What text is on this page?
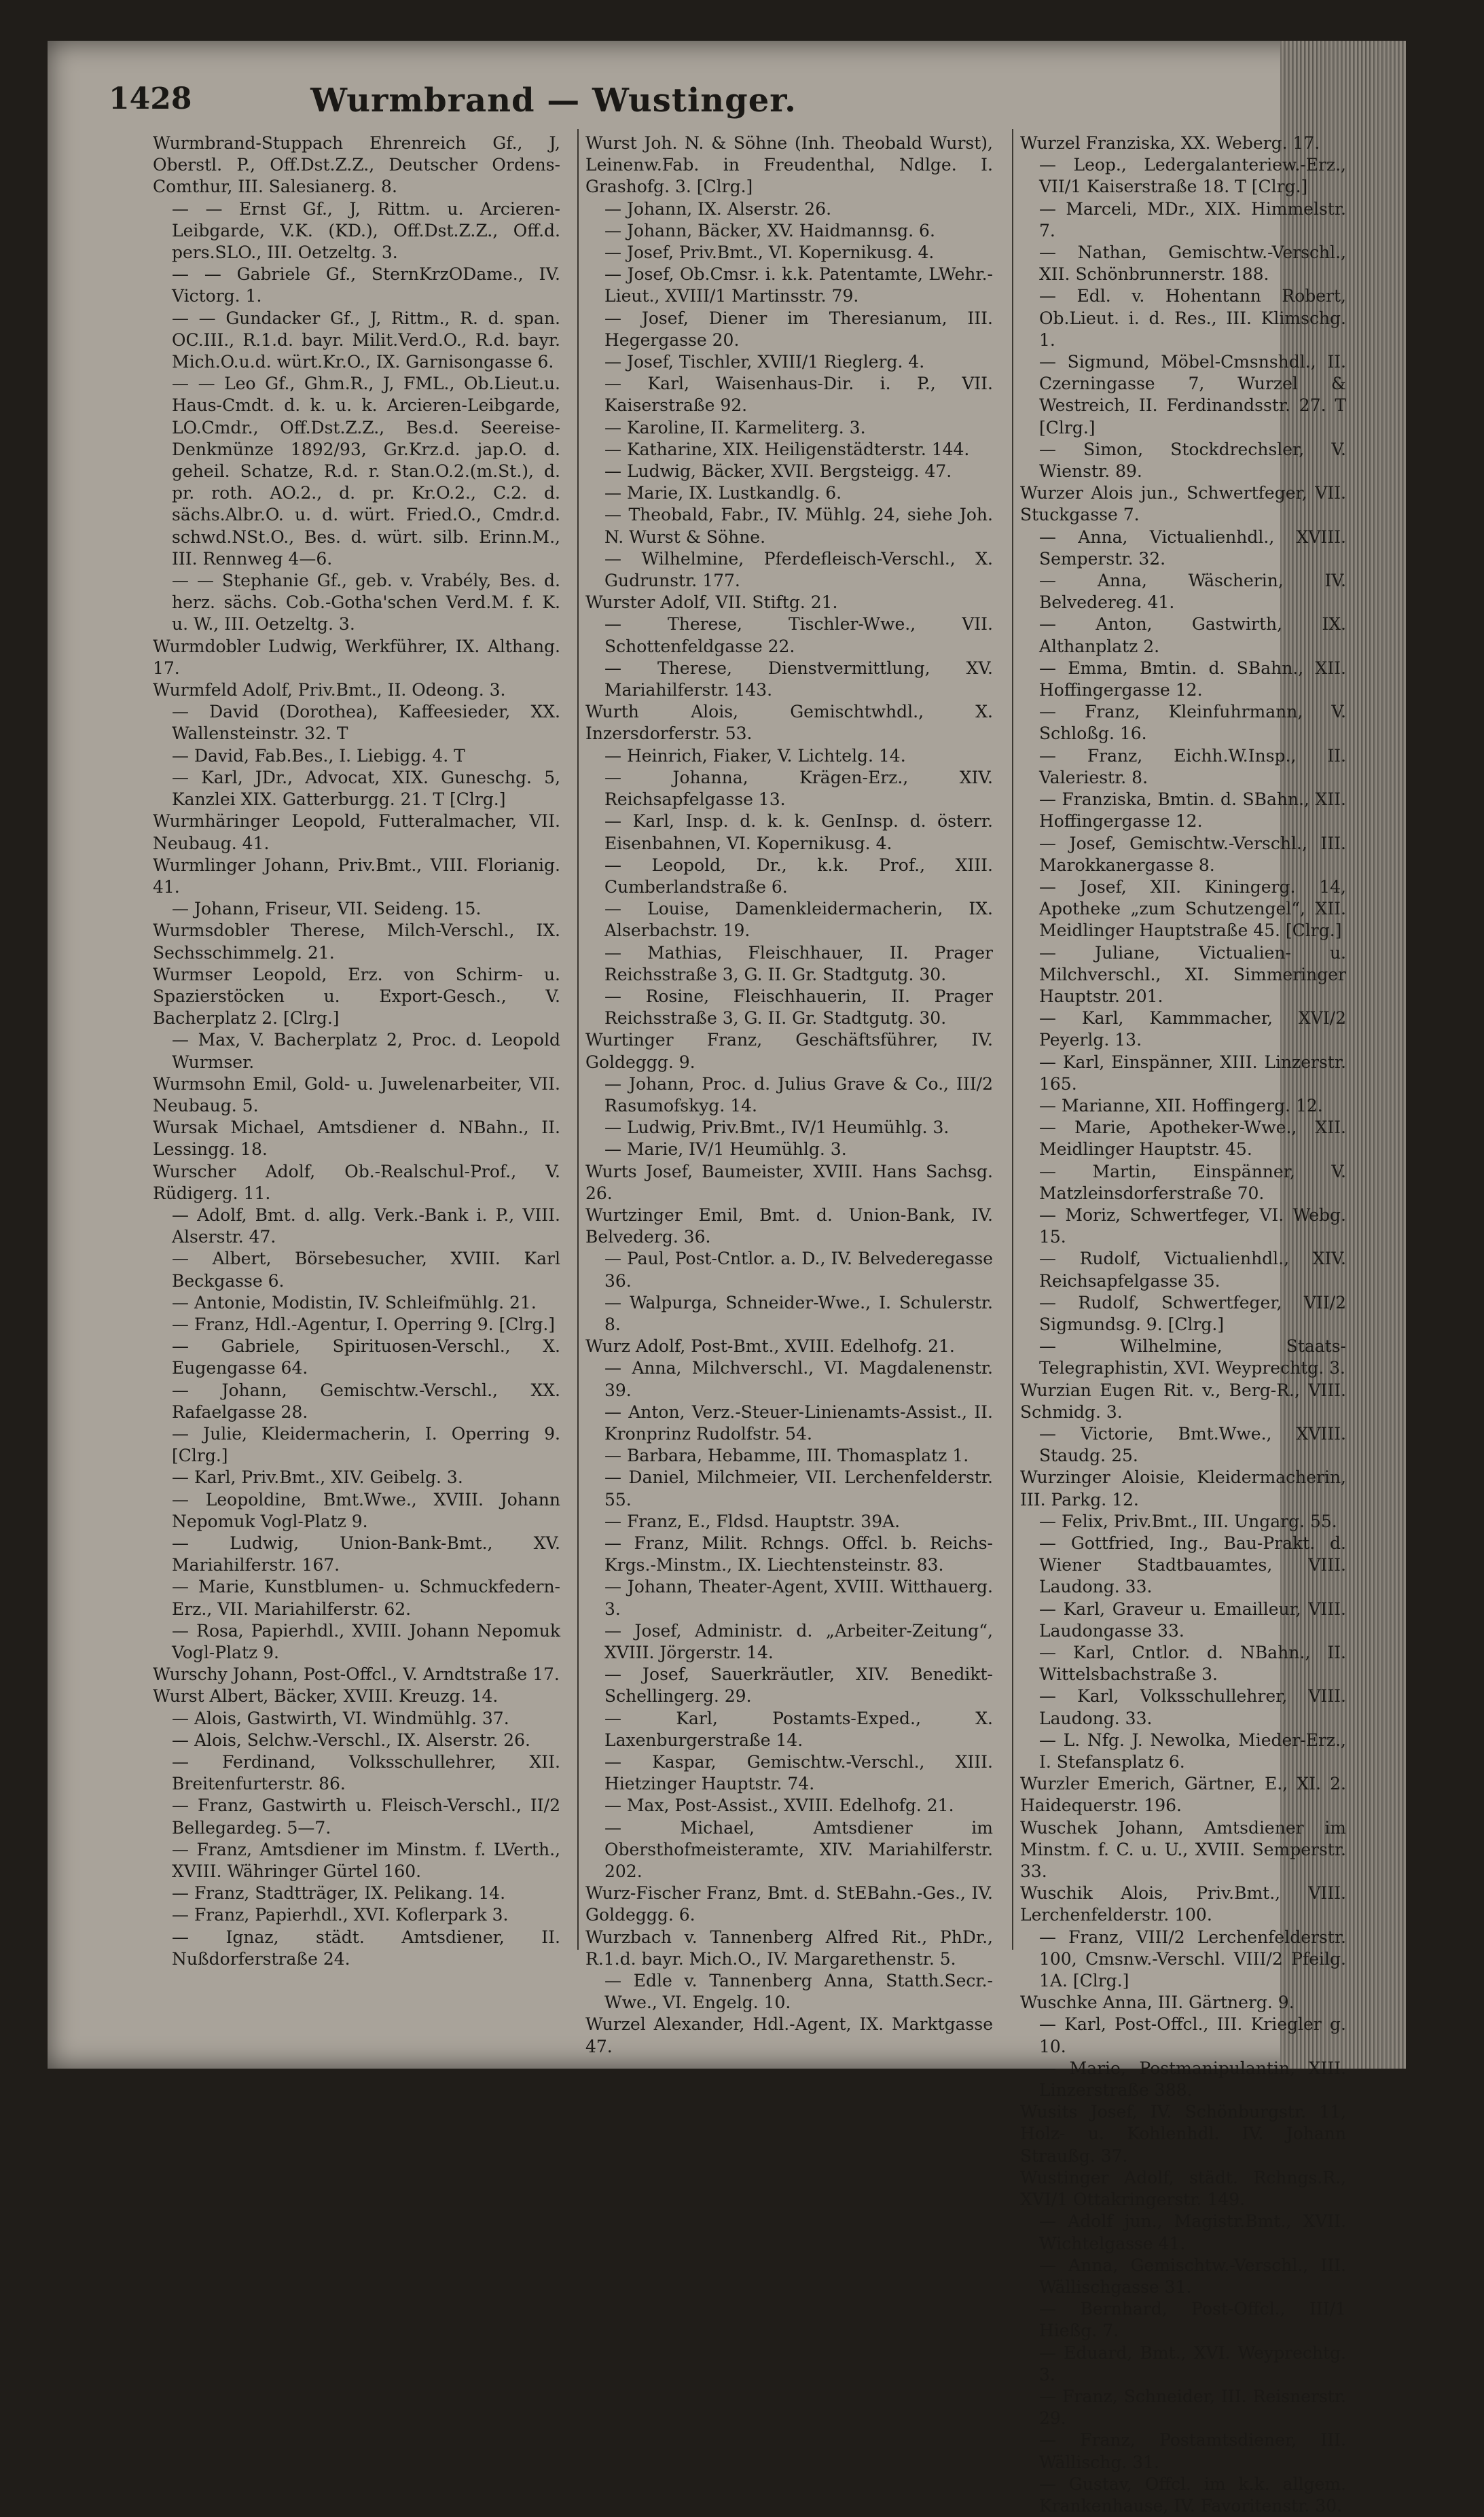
1428	Wurmbrand — Wustinger.

Wurmbrand-Stuppach Ehrenreich Gf., J, Oberstl. P., Off.Dst.Z.Z., Deutscher Ordens-Comthur, III. Salesianerg. 8.

— — Ernst Gf., J, Rittm. u. Arcieren-Leibgarde, V.K. (KD.), Off.Dst.Z.Z., Off.d. pers.SLO., III. Oetzeltg. 3.

— — Gabriele Gf., SternKrzODame., IV. Victorg. 1.

— — Gundacker Gf., J, Rittm., R. d. span. OC.III., R.1.d. bayr. Milit.Verd.O., R.d. bayr. Mich.O.u.d. würt.Kr.O., IX. Garnisongasse 6.

— — Leo Gf., Ghm.R., J, FML., Ob.Lieut.u. Haus-Cmdt. d. k. u. k. Arcieren-Leibgarde, LO.Cmdr., Off.Dst.Z.Z., Bes.d. Seereise-Denkmünze 1892/93, Gr.Krz.d. jap.O. d. geheil. Schatze, R.d. r. Stan.O.2.(m.St.), d. pr. roth. AO.2., d. pr. Kr.O.2., C.2. d. sächs.Albr.O. u. d. würt. Fried.O., Cmdr.d. schwd.NSt.O., Bes. d. würt. silb. Erinn.M., III. Rennweg 4—6.

— — Stephanie Gf., geb. v. Vrabély, Bes. d. herz. sächs. Cob.-Gotha'schen Verd.M. f. K. u. W., III. Oetzeltg. 3.

Wurmdobler Ludwig, Werkführer, IX. Althang. 17.

Wurmfeld Adolf, Priv.Bmt., II. Odeong. 3.

— David (Dorothea), Kaffeesieder, XX. Wallensteinstr. 32. T

— David, Fab.Bes., I. Liebigg. 4. T

— Karl, JDr., Advocat, XIX. Guneschg. 5, Kanzlei XIX. Gatterburgg. 21. T [Clrg.]

Wurmhäringer Leopold, Futteralmacher, VII. Neubaug. 41.

Wurmlinger Johann, Priv.Bmt., VIII. Florianig. 41.

— Johann, Friseur, VII. Seideng. 15.

Wurmsdobler Therese, Milch-Verschl., IX. Sechsschimmelg. 21.

Wurmser Leopold, Erz. von Schirm- u. Spazierstöcken u. Export-Gesch., V. Bacherplatz 2. [Clrg.]

— Max, V. Bacherplatz 2, Proc. d. Leopold Wurmser.

Wurmsohn Emil, Gold- u. Juwelenarbeiter, VII. Neubaug. 5.

Wursak Michael, Amtsdiener d. NBahn., II. Lessingg. 18.

Wurscher Adolf, Ob.-Realschul-Prof., V. Rüdigerg. 11.

— Adolf, Bmt. d. allg. Verk.-Bank i. P., VIII. Alserstr. 47.

— Albert, Börsebesucher, XVIII. Karl Beckgasse 6.

— Antonie, Modistin, IV. Schleifmühlg. 21.

— Franz, Hdl.-Agentur, I. Operring 9. [Clrg.]

— Gabriele, Spirituosen-Verschl., X. Eugengasse 64.

— Johann, Gemischtw.-Verschl., XX. Rafaelgasse 28.

— Julie, Kleidermacherin, I. Operring 9. [Clrg.]

— Karl, Priv.Bmt., XIV. Geibelg. 3.

— Leopoldine, Bmt.Wwe., XVIII. Johann Nepomuk Vogl-Platz 9.

— Ludwig, Union-Bank-Bmt., XV. Mariahilferstr. 167.

— Marie, Kunstblumen- u. Schmuckfedern-Erz., VII. Mariahilferstr. 62.

— Rosa, Papierhdl., XVIII. Johann Nepomuk Vogl-Platz 9.

Wurschy Johann, Post-Offcl., V. Arndtstraße 17.

Wurst Albert, Bäcker, XVIII. Kreuzg. 14.

— Alois, Gastwirth, VI. Windmühlg. 37.

— Alois, Selchw.-Verschl., IX. Alserstr. 26.

— Ferdinand, Volksschullehrer, XII. Breitenfurterstr. 86.

— Franz, Gastwirth u. Fleisch-Verschl., II/2 Bellegardeg. 5—7.

— Franz, Amtsdiener im Minstm. f. LVerth., XVIII. Währinger Gürtel 160.

— Franz, Stadtträger, IX. Pelikang. 14.

— Franz, Papierhdl., XVI. Koflerpark 3.

— Ignaz, städt. Amtsdiener, II. Nußdorferstraße 24.

Wurst Joh. N. & Söhne (Inh. Theobald Wurst), Leinenw.Fab. in Freudenthal, Ndlge. I. Grashofg. 3. [Clrg.]

— Johann, IX. Alserstr. 26.

— Johann, Bäcker, XV. Haidmannsg. 6.

— Josef, Priv.Bmt., VI. Kopernikusg. 4.

— Josef, Ob.Cmsr. i. k.k. Patentamte, LWehr.-Lieut., XVIII/1 Martinsstr. 79.

— Josef, Diener im Theresianum, III. Hegergasse 20.

— Josef, Tischler, XVIII/1 Rieglerg. 4.

— Karl, Waisenhaus-Dir. i. P., VII. Kaiserstraße 92.

— Karoline, II. Karmeliterg. 3.

— Katharine, XIX. Heiligenstädterstr. 144.

— Ludwig, Bäcker, XVII. Bergsteigg. 47.

— Marie, IX. Lustkandlg. 6.

— Theobald, Fabr., IV. Mühlg. 24, siehe Joh. N. Wurst & Söhne.

— Wilhelmine, Pferdefleisch-Verschl., X. Gudrunstr. 177.

Wurster Adolf, VII. Stiftg. 21.

— Therese, Tischler-Wwe., VII. Schottenfeldgasse 22.

— Therese, Dienstvermittlung, XV. Mariahilferstr. 143.

Wurth Alois, Gemischtwhdl., X. Inzersdorferstr. 53.

— Heinrich, Fiaker, V. Lichtelg. 14.

— Johanna, Krägen-Erz., XIV. Reichsapfelgasse 13.

— Karl, Insp. d. k. k. GenInsp. d. österr. Eisenbahnen, VI. Kopernikusg. 4.

— Leopold, Dr., k.k. Prof., XIII. Cumberlandstraße 6.

— Louise, Damenkleidermacherin, IX. Alserbachstr. 19.

— Mathias, Fleischhauer, II. Prager Reichsstraße 3, G. II. Gr. Stadtgutg. 30.

— Rosine, Fleischhauerin, II. Prager Reichsstraße 3, G. II. Gr. Stadtgutg. 30.

Wurtinger Franz, Geschäftsführer, IV. Goldeggg. 9.

— Johann, Proc. d. Julius Grave & Co., III/2 Rasumofskyg. 14.

— Ludwig, Priv.Bmt., IV/1 Heumühlg. 3.

— Marie, IV/1 Heumühlg. 3.

Wurts Josef, Baumeister, XVIII. Hans Sachsg. 26.

Wurtzinger Emil, Bmt. d. Union-Bank, IV. Belvederg. 36.

— Paul, Post-Cntlor. a. D., IV. Belvederegasse 36.

— Walpurga, Schneider-Wwe., I. Schulerstr. 8.

Wurz Adolf, Post-Bmt., XVIII. Edelhofg. 21.

— Anna, Milchverschl., VI. Magdalenenstr. 39.

— Anton, Verz.-Steuer-Linienamts-Assist., II. Kronprinz Rudolfstr. 54.

— Barbara, Hebamme, III. Thomasplatz 1.

— Daniel, Milchmeier, VII. Lerchenfelderstr. 55.

— Franz, E., Fldsd. Hauptstr. 39A.

— Franz, Milit. Rchngs. Offcl. b. Reichs-Krgs.-Minstm., IX. Liechtensteinstr. 83.

— Johann, Theater-Agent, XVIII. Witthauerg. 3.

— Josef, Administr. d. „Arbeiter-Zeitung“, XVIII. Jörgerstr. 14.

— Josef, Sauerkräutler, XIV. Benedikt-Schellingerg. 29.

— Karl, Postamts-Exped., X. Laxenburgerstraße 14.

— Kaspar, Gemischtw.-Verschl., XIII. Hietzinger Hauptstr. 74.

— Max, Post-Assist., XVIII. Edelhofg. 21.

— Michael, Amtsdiener im Obersthofmeisteramte, XIV. Mariahilferstr. 202.

Wurz-Fischer Franz, Bmt. d. StEBahn.-Ges., IV. Goldeggg. 6.

Wurzbach v. Tannenberg Alfred Rit., PhDr., R.1.d. bayr. Mich.O., IV. Margarethenstr. 5.

— Edle v. Tannenberg Anna, Statth.Secr.-Wwe., VI. Engelg. 10.

Wurzel Alexander, Hdl.-Agent, IX. Marktgasse 47.

Wurzel Franziska, XX. Weberg. 17.

— Leop., Ledergalanteriew.-Erz., VII/1 Kaiserstraße 18. T [Clrg.]

— Marceli, MDr., XIX. Himmelstr. 7.

— Nathan, Gemischtw.-Verschl., XII. Schönbrunnerstr. 188.

— Edl. v. Hohentann Robert, Ob.Lieut. i. d. Res., III. Klimschg. 1.

— Sigmund, Möbel-Cmsnshdl., II. Czerningasse 7, Wurzel & Westreich, II. Ferdinandsstr. 27. T [Clrg.]

— Simon, Stockdrechsler, V. Wienstr. 89.

Wurzer Alois jun., Schwertfeger, VII. Stuckgasse 7.

— Anna, Victualienhdl., XVIII. Semperstr. 32.

— Anna, Wäscherin, IV. Belvedereg. 41.

— Anton, Gastwirth, IX. Althanplatz 2.

— Emma, Bmtin. d. SBahn., XII. Hoffingergasse 12.

— Franz, Kleinfuhrmann, V. Schloßg. 16.

— Franz, Eichh.W.Insp., II. Valeriestr. 8.

— Franziska, Bmtin. d. SBahn., XII. Hoffingergasse 12.

— Josef, Gemischtw.-Verschl., III. Marokkanergasse 8.

— Josef, XII. Kiningerg. 14, Apotheke „zum Schutzengel“, XII. Meidlinger Hauptstraße 45. [Clrg.]

— Juliane, Victualien- u. Milchverschl., XI. Simmeringer Hauptstr. 201.

— Karl, Kammmacher, XVI/2 Peyerlg. 13.

— Karl, Einspänner, XIII. Linzerstr. 165.

— Marianne, XII. Hoffingerg. 12.

— Marie, Apotheker-Wwe., XII. Meidlinger Hauptstr. 45.

— Martin, Einspänner, V. Matzleinsdorferstraße 70.

— Moriz, Schwertfeger, VI. Webg. 15.

— Rudolf, Victualienhdl., XIV. Reichsapfelgasse 35.

— Rudolf, Schwertfeger, VII/2 Sigmundsg. 9. [Clrg.]

— Wilhelmine, Staats-Telegraphistin, XVI. Weyprechtg. 3.

Wurzian Eugen Rit. v., Berg-R., VIII. Schmidg. 3.

— Victorie, Bmt.Wwe., XVIII. Staudg. 25.

Wurzinger Aloisie, Kleidermacherin, III. Parkg. 12.

— Felix, Priv.Bmt., III. Ungarg. 55.

— Gottfried, Ing., Bau-Prakt. d. Wiener Stadtbauamtes, VIII. Laudong. 33.

— Karl, Graveur u. Emailleur, VIII. Laudongasse 33.

— Karl, Cntlor. d. NBahn., II. Wittelsbachstraße 3.

— Karl, Volksschullehrer, VIII. Laudong. 33.

— L. Nfg. J. Newolka, Mieder-Erz., I. Stefansplatz 6.

Wurzler Emerich, Gärtner, E., XI. 2. Haidequerstr. 196.

Wuschek Johann, Amtsdiener im Minstm. f. C. u. U., XVIII. Semperstr. 33.

Wuschik Alois, Priv.Bmt., VIII. Lerchenfelderstr. 100.

— Franz, VIII/2 Lerchenfelderstr. 100, Cmsnw.-Verschl. VIII/2 Pfeilg. 1A. [Clrg.]

Wuschke Anna, III. Gärtnerg. 9.

— Karl, Post-Offcl., III. Kriegler g. 10.

— Marie, Postmanipulantin, XIII. Linzerstraße 388.

Wusits Josef, IV. Schönburgstr. 11, Holz- u. Kohlenhdl. IV. Johann Straußg. 37.

Wustinger Adolf, städt. Rchngs.R., XVI/1 Ottakringerstr. 149.

— Adolf jun., Magistr.Bmt., XVII. Wichtelgasse 41.

— Anna, Gemischtw.-Verschl., III. Wällischgasse 31.

— Bernhard, Post-Offcl., III/1 Hießg. 7.

— Eduard, Bmt., XVI. Weyprechtg. 3.

— Franz, Schneider, III. Reisnerstr. 29.

— Franz, Postamtsdiener, III. Wällischg. 31.

— Gustav, Offcl. im k.k. allgem. Krankenhause, IV. Favoritenstr. 30.
